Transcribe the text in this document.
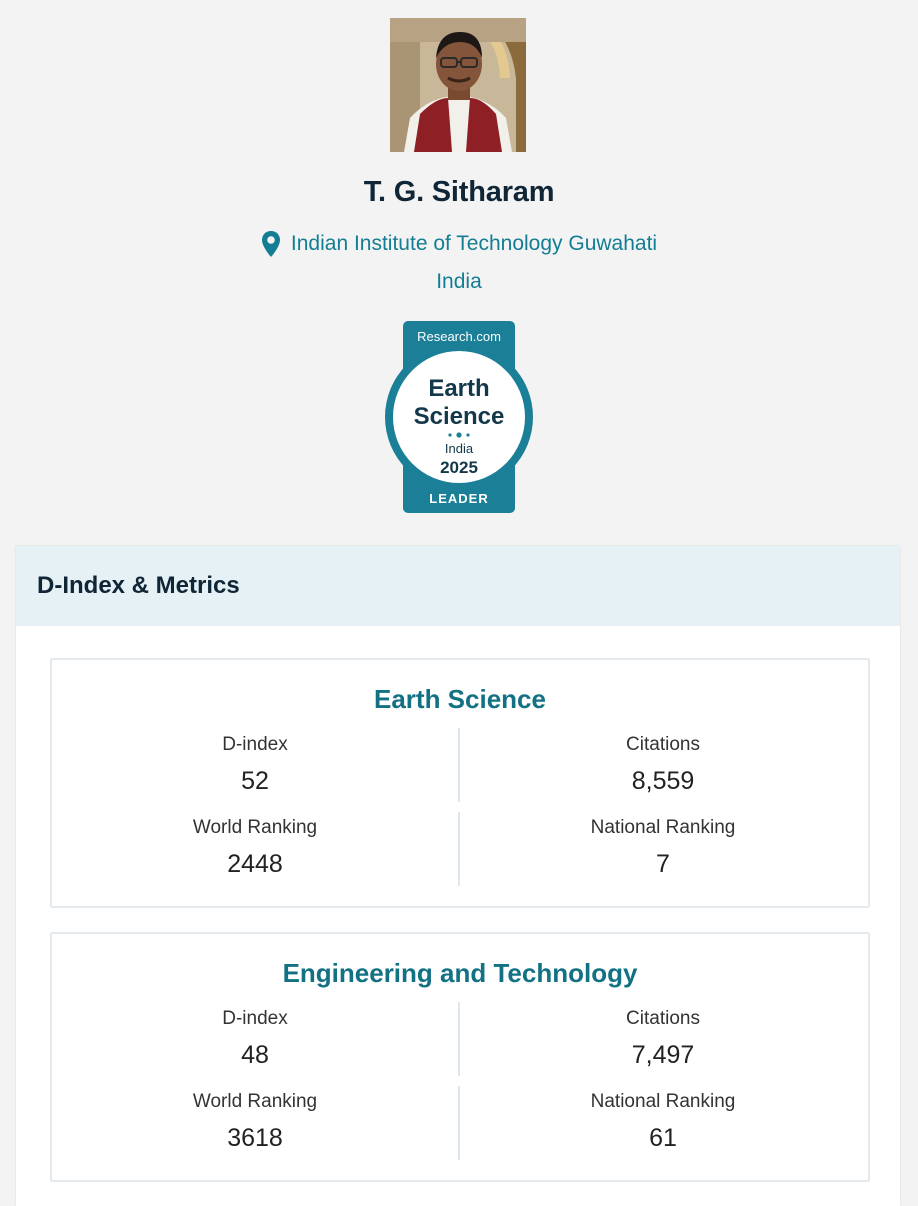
T. G. Sitharam
Indian Institute of Technology Guwahati
India
Research.com
Earth
Science
India
2025
LEADER
D-Index & Metrics
Earth Science
D-index
52
Citations
8,559
World Ranking
2448
National Ranking
7
Engineering and Technology
D-index
48
Citations
7,497
World Ranking
3618
National Ranking
61
